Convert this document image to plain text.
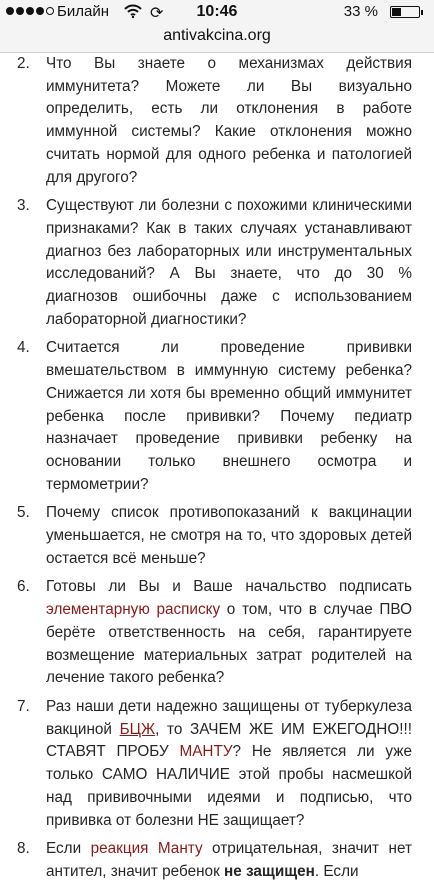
Билайн	⟳	10:46	33 %
antivakcina.org
2.	Что Вы знаете о механизмах действия иммунитета? Можете ли Вы визуально определить, есть ли отклонения в работе иммунной системы? Какие отклонения можно считать нормой для одного ребенка и патологией для другого?
3.	Существуют ли болезни с похожими клиническими признаками? Как в таких случаях устанавливают диагноз без лабораторных или инструментальных исследований? А Вы знаете, что до 30 % диагнозов ошибочны даже с использованием лабораторной диагностики?
4.	Считается ли проведение прививки вмешательством в иммунную систему ребенка? Снижается ли хотя бы временно общий иммунитет ребенка после прививки? Почему педиатр назначает проведение прививки ребенку на основании только внешнего осмотра и термометрии?
5.	Почему список противопоказаний к вакцинации уменьшается, не смотря на то, что здоровых детей остается всё меньше?
6.	Готовы ли Вы и Ваше начальство подписать элементарную расписку о том, что в случае ПВО берёте ответственность на себя, гарантируете возмещение материальных затрат родителей на лечение такого ребенка?
7.	Раз наши дети надежно защищены от туберкулеза вакциной БЦЖ, то ЗАЧЕМ ЖЕ ИМ ЕЖЕГОДНО!!! СТАВЯТ ПРОБУ МАНТУ? Не является ли уже только САМО НАЛИЧИЕ этой пробы насмешкой над прививочными идеями и подписью, что прививка от болезни НЕ защищает?
8.	Если реакция Манту отрицательная, значит нет антител, значит ребенок не защищен. Если
